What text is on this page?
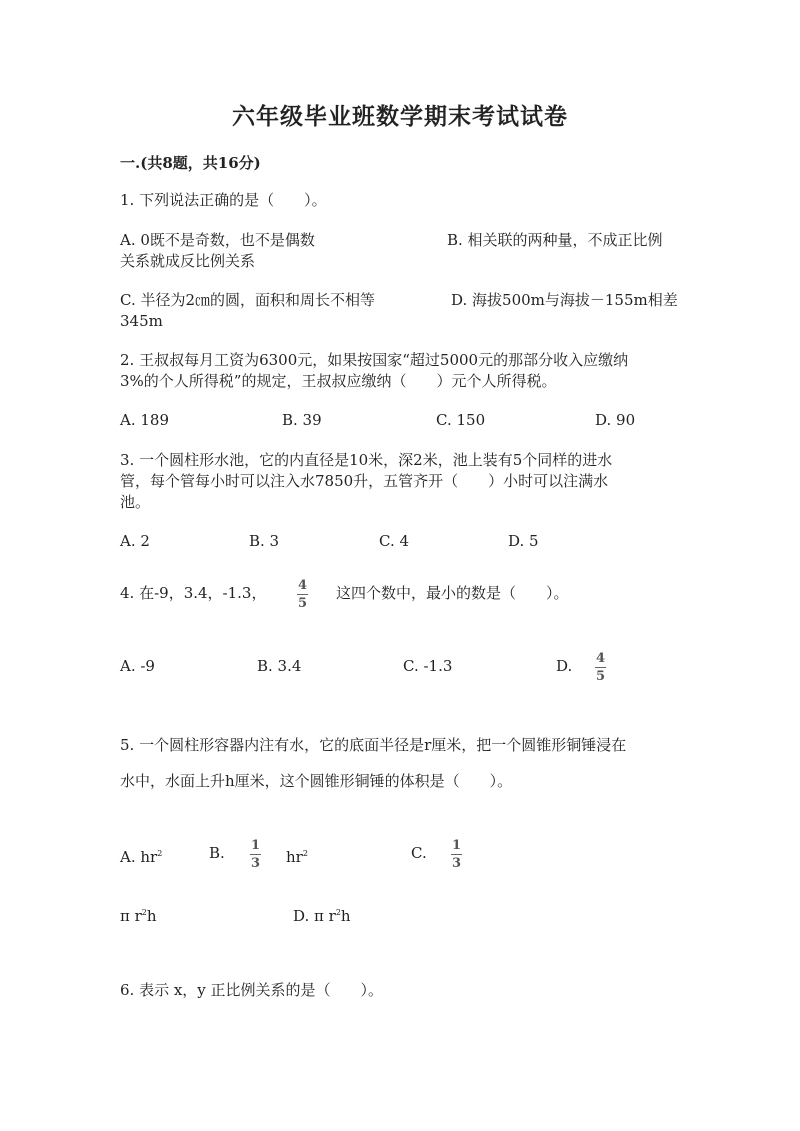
六年级毕业班数学期末考试试卷
一.(共8题，共16分)
1. 下列说法正确的是（　　）。
A. 0既不是奇数，也不是偶数	B. 相关联的两种量，不成正比例
关系就成反比例关系
C. 半径为2㎝的圆，面积和周长不相等	D. 海拔500m与海拔－155m相差
345m
2. 王叔叔每月工资为6300元，如果按国家“超过5000元的那部分收入应缴纳
3%的个人所得税”的规定，王叔叔应缴纳（　　）元个人所得税。
A. 189	B. 39	C. 150	D. 90
3. 一个圆柱形水池，它的内直径是10米，深2米，池上装有5个同样的进水
管，每个管每小时可以注入水7850升，五管齐开（　　）小时可以注满水
池。
A. 2	B. 3	C. 4	D. 5
4. 在-9，3.4，-1.3， 4
5
这四个数中，最小的数是（　　）。
A. -9	B. 3.4	C. -1.3	D. 4
5
5. 一个圆柱形容器内注有水，它的底面半径是r厘米，把一个圆锥形铜锤浸在
水中，水面上升h厘米，这个圆锥形铜锤的体积是（　　）。
A. $hr^2$	B. 1
3 $hr^2$	C. 1
3
π $r^2h$	D. π $r^2h$
6. 表示 x，y 正比例关系的是（　　）。
